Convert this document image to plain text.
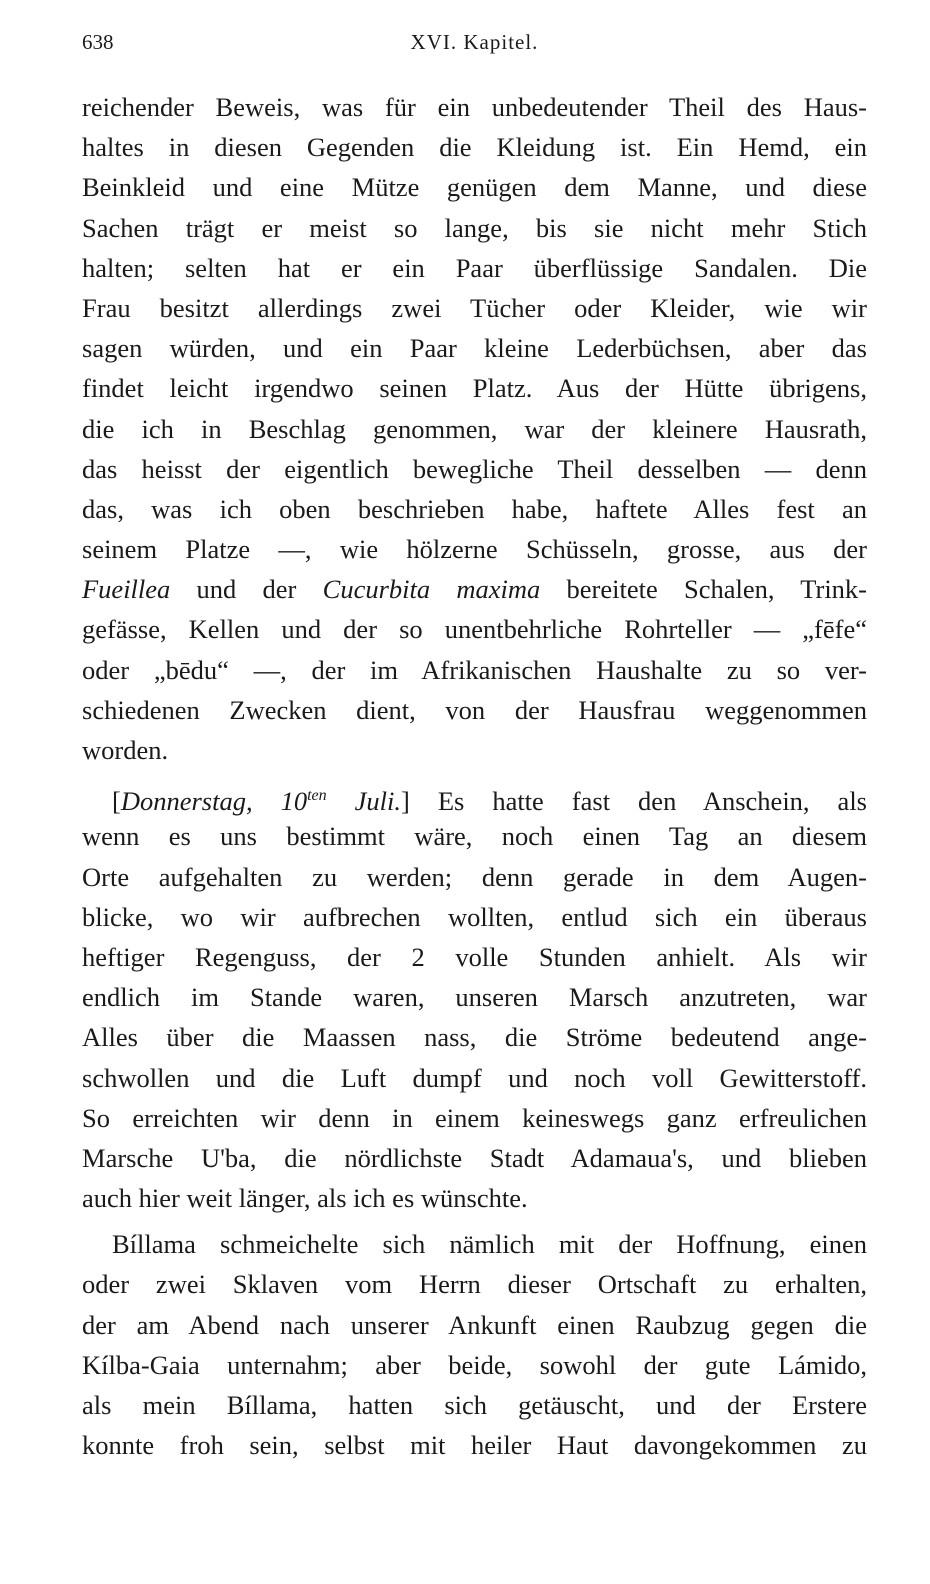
638	XVI. Kapitel.
reichender Beweis, was für ein unbedeutender Theil des Haus-
haltes in diesen Gegenden die Kleidung ist. Ein Hemd, ein
Beinkleid und eine Mütze genügen dem Manne, und diese
Sachen trägt er meist so lange, bis sie nicht mehr Stich
halten; selten hat er ein Paar überflüssige Sandalen. Die
Frau besitzt allerdings zwei Tücher oder Kleider, wie wir
sagen würden, und ein Paar kleine Lederbüchsen, aber das
findet leicht irgendwo seinen Platz. Aus der Hütte übrigens,
die ich in Beschlag genommen, war der kleinere Hausrath,
das heisst der eigentlich bewegliche Theil desselben — denn
das, was ich oben beschrieben habe, haftete Alles fest an
seinem Platze —, wie hölzerne Schüsseln, grosse, aus der
Fueillea und der Cucurbita maxima bereitete Schalen, Trink-
gefässe, Kellen und der so unentbehrliche Rohrteller — „fēfe“
oder „bēdu“ —, der im Afrikanischen Haushalte zu so ver-
schiedenen Zwecken dient, von der Hausfrau weggenommen
worden.
[Donnerstag, $10^{ten}$ Juli.] Es hatte fast den Anschein, als
wenn es uns bestimmt wäre, noch einen Tag an diesem
Orte aufgehalten zu werden; denn gerade in dem Augen-
blicke, wo wir aufbrechen wollten, entlud sich ein überaus
heftiger Regenguss, der 2 volle Stunden anhielt. Als wir
endlich im Stande waren, unseren Marsch anzutreten, war
Alles über die Maassen nass, die Ströme bedeutend ange-
schwollen und die Luft dumpf und noch voll Gewitterstoff.
So erreichten wir denn in einem keineswegs ganz erfreulichen
Marsche U'ba, die nördlichste Stadt Adamaua's, und blieben
auch hier weit länger, als ich es wünschte.
Bíllama schmeichelte sich nämlich mit der Hoffnung, einen
oder zwei Sklaven vom Herrn dieser Ortschaft zu erhalten,
der am Abend nach unserer Ankunft einen Raubzug gegen die
Kílba-Gaia unternahm; aber beide, sowohl der gute Lámido,
als mein Bíllama, hatten sich getäuscht, und der Erstere
konnte froh sein, selbst mit heiler Haut davongekommen zu
